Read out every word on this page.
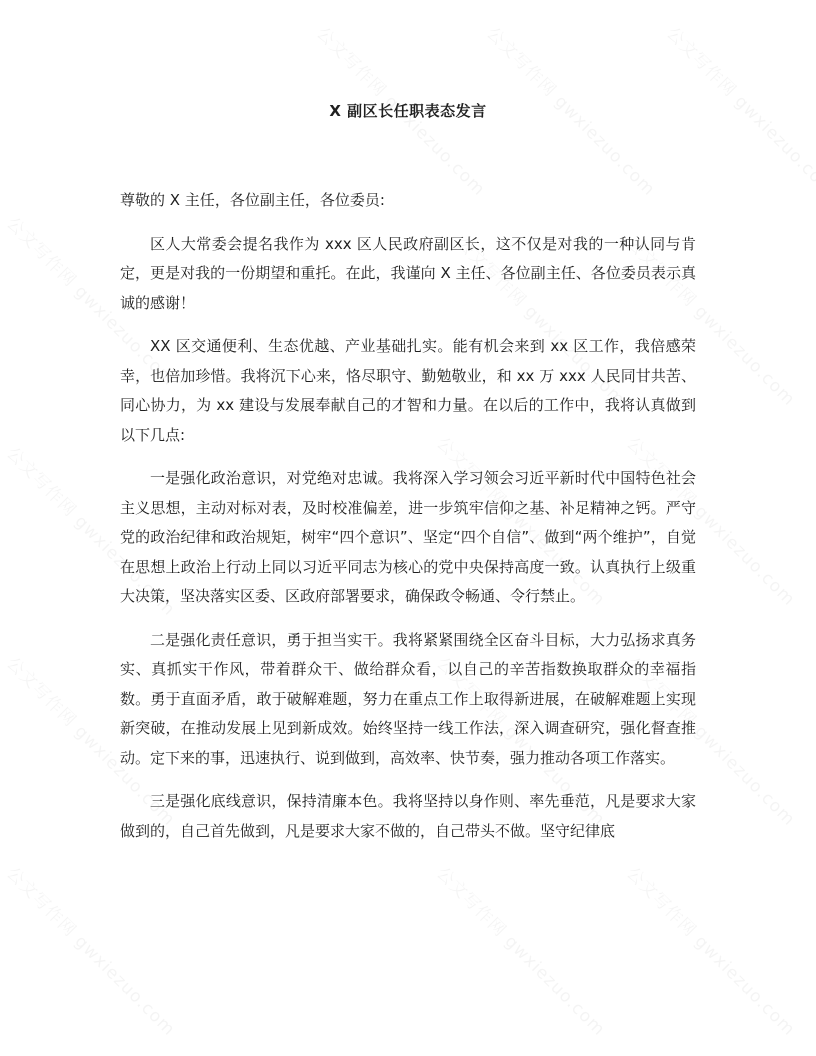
X 副区长任职表态发言

尊敬的 X 主任，各位副主任，各位委员:

区人大常委会提名我作为 xxx 区人民政府副区长，这不仅是对我的一种认同与肯定，更是对我的一份期望和重托。在此，我谨向 X 主任、各位副主任、各位委员表示真诚的感谢！

XX 区交通便利、生态优越、产业基础扎实。能有机会来到 xx 区工作，我倍感荣幸，也倍加珍惜。我将沉下心来，恪尽职守、勤勉敬业，和 xx 万 xxx 人民同甘共苦、同心协力，为 xx 建设与发展奉献自己的才智和力量。在以后的工作中，我将认真做到以下几点:

一是强化政治意识，对党绝对忠诚。我将深入学习领会习近平新时代中国特色社会主义思想，主动对标对表，及时校准偏差，进一步筑牢信仰之基、补足精神之钙。严守党的政治纪律和政治规矩，树牢“四个意识”、坚定“四个自信”、做到“两个维护”，自觉在思想上政治上行动上同以习近平同志为核心的党中央保持高度一致。认真执行上级重大决策，坚决落实区委、区政府部署要求，确保政令畅通、令行禁止。

二是强化责任意识，勇于担当实干。我将紧紧围绕全区奋斗目标，大力弘扬求真务实、真抓实干作风，带着群众干、做给群众看，以自己的辛苦指数换取群众的幸福指数。勇于直面矛盾，敢于破解难题，努力在重点工作上取得新进展，在破解难题上实现新突破，在推动发展上见到新成效。始终坚持一线工作法，深入调查研究，强化督查推动。定下来的事，迅速执行、说到做到，高效率、快节奏，强力推动各项工作落实。

三是强化底线意识，保持清廉本色。我将坚持以身作则、率先垂范，凡是要求大家做到的，自己首先做到，凡是要求大家不做的，自己带头不做。坚守纪律底
